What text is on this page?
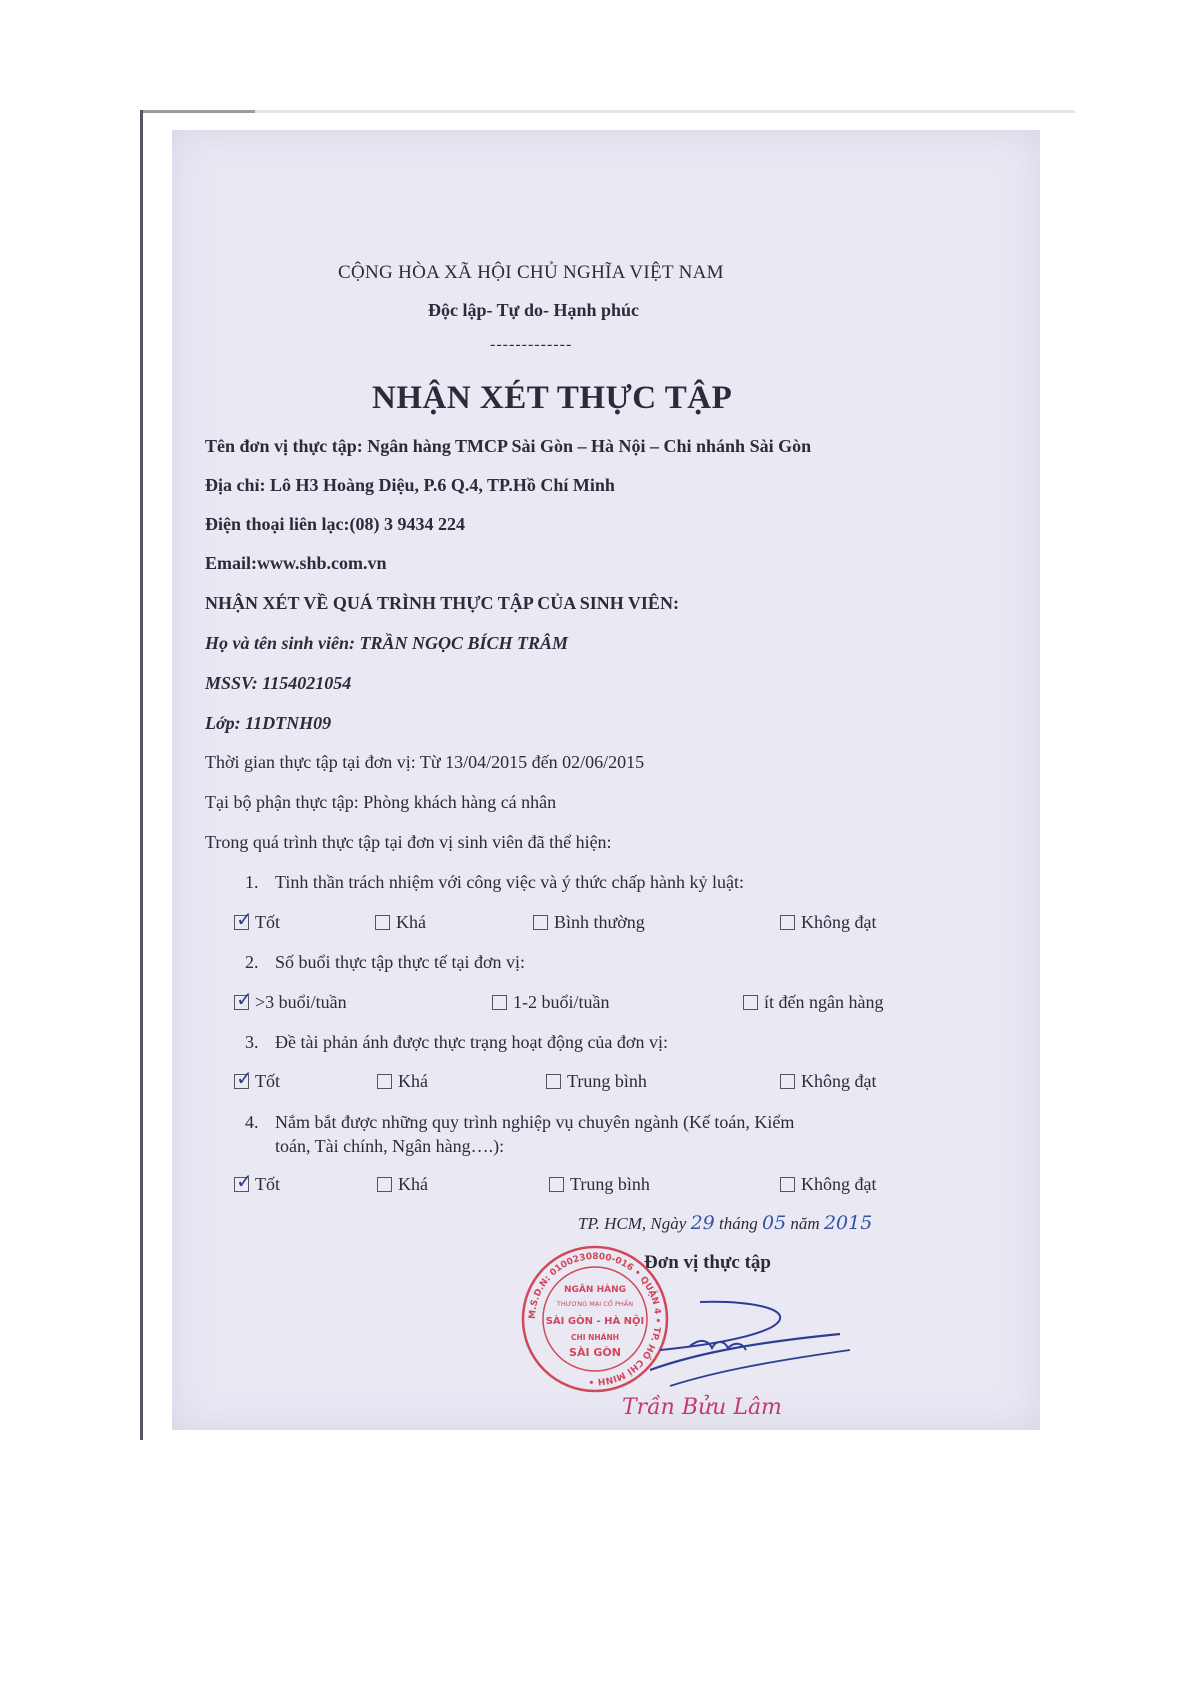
CỘNG HÒA XÃ HỘI CHỦ NGHĨA VIỆT NAM
Độc lập- Tự do- Hạnh phúc
-------------
NHẬN XÉT THỰC TẬP
Tên đơn vị thực tập: Ngân hàng TMCP Sài Gòn – Hà Nội – Chi nhánh Sài Gòn
Địa chỉ: Lô H3 Hoàng Diệu, P.6 Q.4, TP.Hồ Chí Minh
Điện thoại liên lạc:(08) 3 9434 224
Email:www.shb.com.vn
NHẬN XÉT VỀ QUÁ TRÌNH THỰC TẬP CỦA SINH VIÊN:
Họ và tên sinh viên: TRẦN NGỌC BÍCH TRÂM
MSSV: 1154021054
Lớp: 11DTNH09
Thời gian thực tập tại đơn vị: Từ 13/04/2015 đến 02/06/2015
Tại bộ phận thực tập: Phòng khách hàng cá nhân
Trong quá trình thực tập tại đơn vị sinh viên đã thể hiện:
1. Tinh thần trách nhiệm với công việc và ý thức chấp hành kỷ luật:
✓ Tốt	Khá	Bình thường	Không đạt
2. Số buổi thực tập thực tế tại đơn vị:
✓ >3 buổi/tuần	1-2 buổi/tuần	ít đến ngân hàng
3. Đề tài phản ánh được thực trạng hoạt động của đơn vị:
✓ Tốt	Khá	Trung bình	Không đạt
4. Nắm bắt được những quy trình nghiệp vụ chuyên ngành (Kế toán, Kiểm
toán, Tài chính, Ngân hàng….):
✓ Tốt	Khá	Trung bình	Không đạt
TP. HCM, Ngày 29 tháng 05 năm 2015
Đơn vị thực tập
M.S.D.N: 0100230800-016 • QUẬN 4 • TP. HỒ CHÍ MINH •
NGÂN HÀNG
THƯƠNG MẠI CỔ PHẦN
SÀI GÒN - HÀ NỘI
CHI NHÁNH
SÀI GÒN
Trần Bửu Lâm
